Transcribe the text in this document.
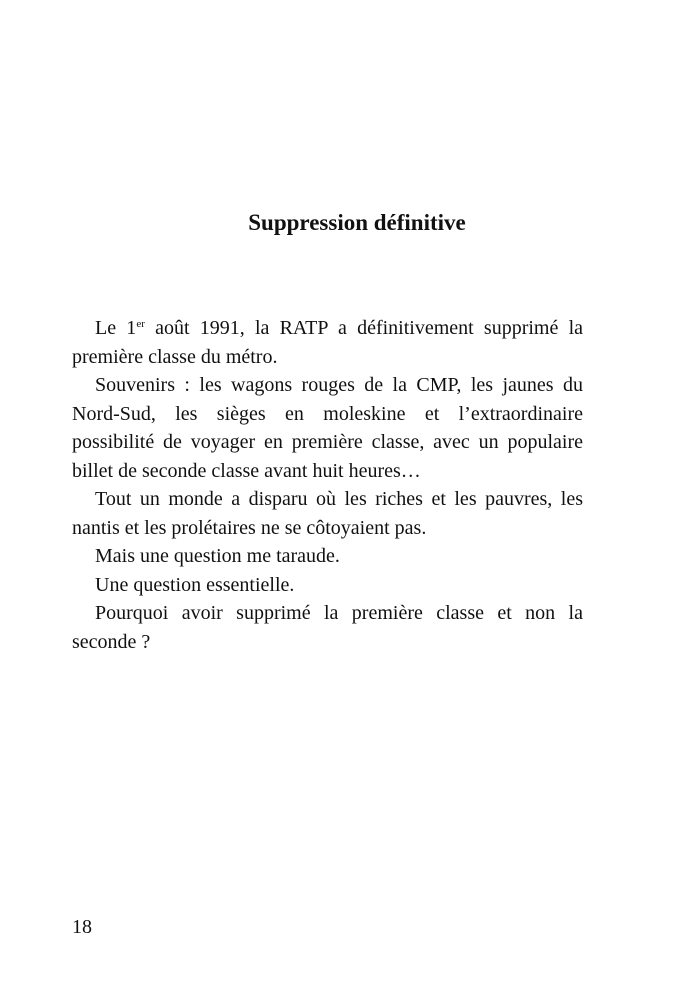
Suppression définitive

Le 1er août 1991, la RATP a définitivement supprimé la première classe du métro.

Souvenirs : les wagons rouges de la CMP, les jaunes du Nord-Sud, les sièges en moleskine et l’extraordinaire possibilité de voyager en première classe, avec un populaire billet de seconde classe avant huit heures…

Tout un monde a disparu où les riches et les pauvres, les nantis et les prolétaires ne se côtoyaient pas.

Mais une question me taraude.

Une question essentielle.

Pourquoi avoir supprimé la première classe et non la seconde ?

18
